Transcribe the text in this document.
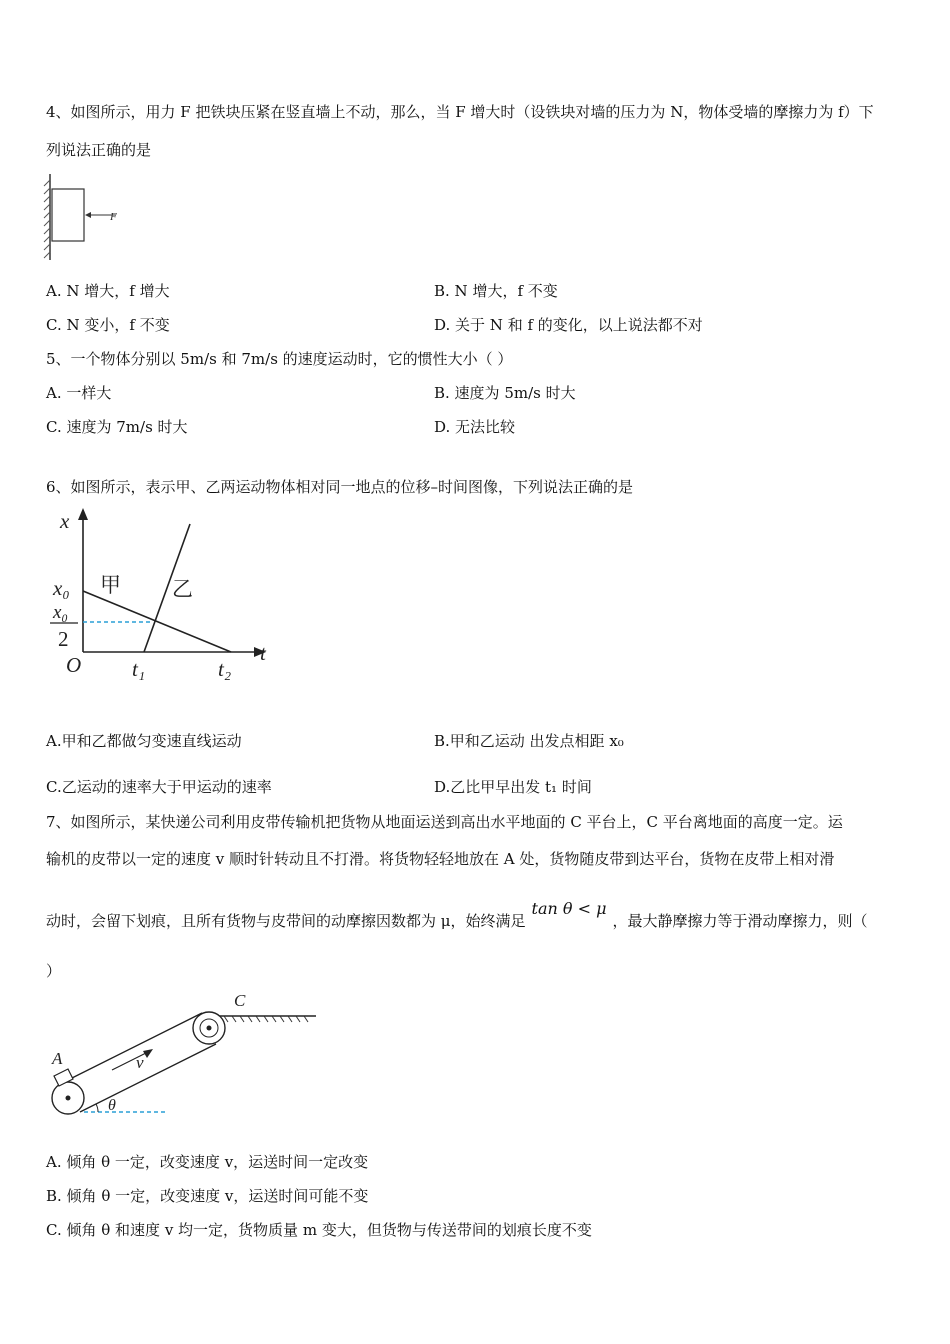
4、如图所示，用力 F 把铁块压紧在竖直墙上不动，那么，当 F 增大时（设铁块对墙的压力为 N，物体受墙的摩擦力为 f）下
列说法正确的是
F
A. N 增大，f 增大	B. N 增大，f 不变
C. N 变小，f 不变	D. 关于 N 和 f 的变化，以上说法都不对
5、一个物体分别以 5m/s 和 7m/s 的速度运动时，它的惯性大小（ ）
A. 一样大	B. 速度为 5m/s 时大
C. 速度为 7m/s 时大	D. 无法比较
6、如图所示，表示甲、乙两运动物体相对同一地点的位移–时间图像，下列说法正确的是
x
t
O
x₀
x₀
2
t₁	t₂
甲 乙
A.甲和乙都做匀变速直线运动	B.甲和乙运动 出发点相距 x₀
C.乙运动的速率大于甲运动的速率	D.乙比甲早出发 t₁ 时间
7、如图所示，某快递公司利用皮带传输机把货物从地面运送到高出水平地面的 C 平台上，C 平台离地面的高度一定。运
输机的皮带以一定的速度 v 顺时针转动且不打滑。将货物轻轻地放在 A 处，货物随皮带到达平台，货物在皮带上相对滑
动时，会留下划痕，且所有货物与皮带间的动摩擦因数都为 μ，始终满足tan θ < μ，最大静摩擦力等于滑动摩擦力，则（
）
A
C
v
θ
A. 倾角 θ 一定，改变速度 v，运送时间一定改变
B. 倾角 θ 一定，改变速度 v，运送时间可能不变
C. 倾角 θ 和速度 v 均一定，货物质量 m 变大，但货物与传送带间的划痕长度不变
